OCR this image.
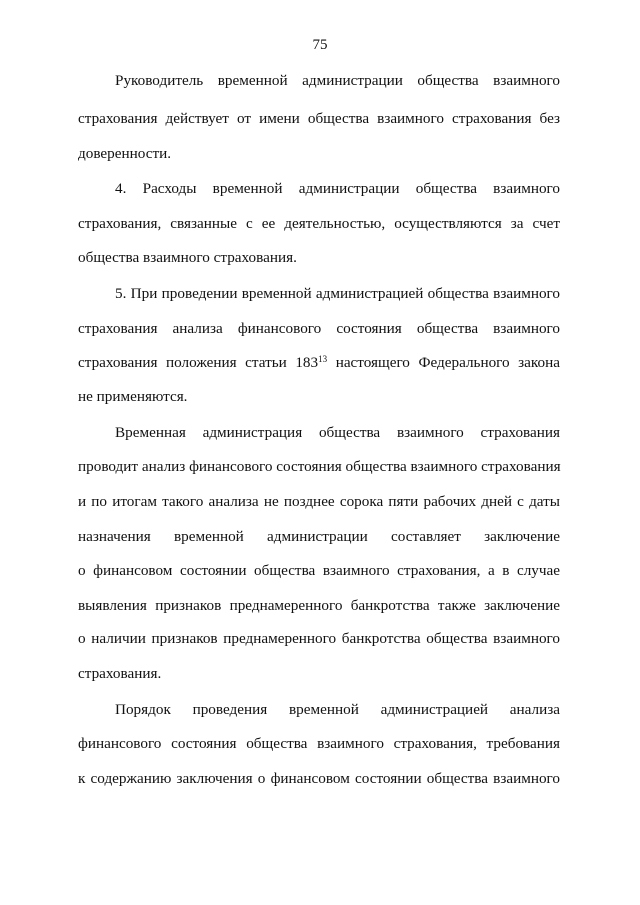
75
Руководитель временной администрации общества взаимного
страхования действует от имени общества взаимного страхования без
доверенности.
4. Расходы временной администрации общества взаимного
страхования, связанные с ее деятельностью, осуществляются за счет
общества взаимного страхования.
5. При проведении временной администрацией общества взаимного
страхования анализа финансового состояния общества взаимного
страхования положения статьи $183^{13}$ настоящего Федерального закона
не применяются.
Временная администрация общества взаимного страхования
проводит анализ финансового состояния общества взаимного страхования
и по итогам такого анализа не позднее сорока пяти рабочих дней с даты
назначения временной администрации составляет заключение
о финансовом состоянии общества взаимного страхования, а в случае
выявления признаков преднамеренного банкротства также заключение
о наличии признаков преднамеренного банкротства общества взаимного
страхования.
Порядок проведения временной администрацией анализа
финансового состояния общества взаимного страхования, требования
к содержанию заключения о финансовом состоянии общества взаимного
